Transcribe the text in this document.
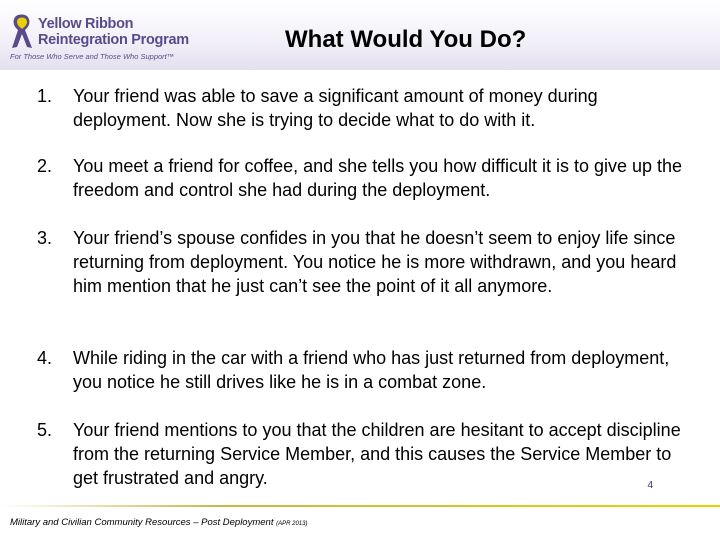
Yellow Ribbon
Reintegration Program
For Those Who Serve and Those Who Support™
What Would You Do?
1. Your friend was able to save a significant amount of money during deployment. Now she is trying to decide what to do with it.
2. You meet a friend for coffee, and she tells you how difficult it is to give up the freedom and control she had during the deployment.
3. Your friend’s spouse confides in you that he doesn’t seem to enjoy life since returning from deployment. You notice he is more withdrawn, and you heard him mention that he just can’t see the point of it all anymore.
4. While riding in the car with a friend who has just returned from deployment, you notice he still drives like he is in a combat zone.
5. Your friend mentions to you that the children are hesitant to accept discipline from the returning Service Member, and this causes the Service Member to get frustrated and angry.	4
Military and Civilian Community Resources – Post Deployment (APR 2013)
